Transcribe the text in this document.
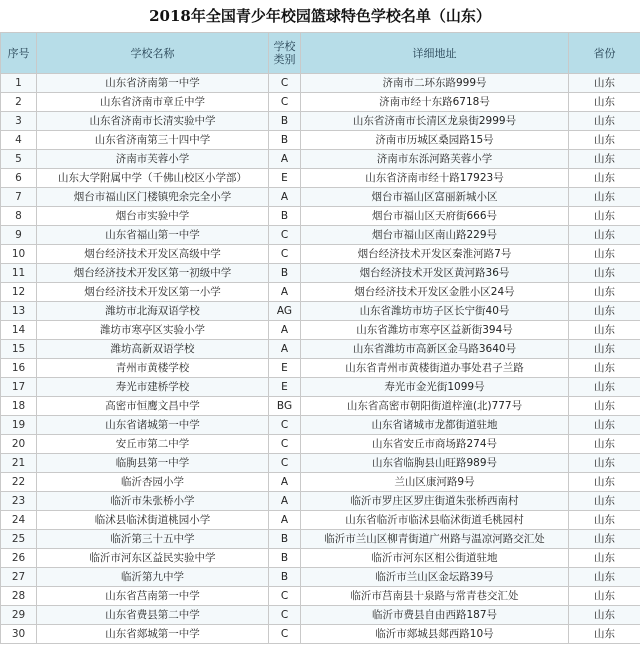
2018年全国青少年校园篮球特色学校名单（山东）
序号	学校名称	学校类别	详细地址	省份
1	山东省济南第一中学	C	济南市二环东路999号	山东
2	山东省济南市章丘中学	C	济南市经十东路6718号	山东
3	山东省济南市长清实验中学	B	山东省济南市长清区龙泉街2999号	山东
4	山东省济南第三十四中学	B	济南市历城区桑园路15号	山东
5	济南市芙蓉小学	A	济南市东泺河路芙蓉小学	山东
6	山东大学附属中学（千佛山校区小学部）	E	山东省济南市经十路17923号	山东
7	烟台市福山区门楼镇兜余完全小学	A	烟台市福山区富丽新城小区	山东
8	烟台市实验中学	B	烟台市福山区天府街666号	山东
9	山东省福山第一中学	C	烟台市福山区南山路229号	山东
10	烟台经济技术开发区高级中学	C	烟台经济技术开发区秦淮河路7号	山东
11	烟台经济技术开发区第一初级中学	B	烟台经济技术开发区黄河路36号	山东
12	烟台经济技术开发区第一小学	A	烟台经济技术开发区金胜小区24号	山东
13	潍坊市北海双语学校	AG	山东省潍坊市坊子区长宁街40号	山东
14	潍坊市寒亭区实验小学	A	山东省潍坊市寒亭区益新街394号	山东
15	潍坊高新双语学校	A	山东省潍坊市高新区金马路3640号	山东
16	青州市黄楼学校	E	山东省青州市黄楼街道办事处君子兰路	山东
17	寿光市建桥学校	E	寿光市金光街1099号	山东
18	高密市恒鹰文昌中学	BG	山东省高密市朝阳街道梓潼(北)777号	山东
19	山东省诸城第一中学	C	山东省诸城市龙都街道驻地	山东
20	安丘市第二中学	C	山东省安丘市商场路274号	山东
21	临朐县第一中学	C	山东省临朐县山旺路989号	山东
22	临沂杏园小学	A	兰山区康河路9号	山东
23	临沂市朱张桥小学	A	临沂市罗庄区罗庄街道朱张桥西南村	山东
24	临沭县临沭街道桃园小学	A	山东省临沂市临沭县临沭街道毛桃园村	山东
25	临沂第三十五中学	B	临沂市兰山区柳青街道广州路与温凉河路交汇处	山东
26	临沂市河东区益民实验中学	B	临沂市河东区相公街道驻地	山东
27	临沂第九中学	B	临沂市兰山区金坛路39号	山东
28	山东省莒南第一中学	C	临沂市莒南县十泉路与常青巷交汇处	山东
29	山东省费县第二中学	C	临沂市费县自由西路187号	山东
30	山东省郯城第一中学	C	临沂市郯城县郯西路10号	山东
